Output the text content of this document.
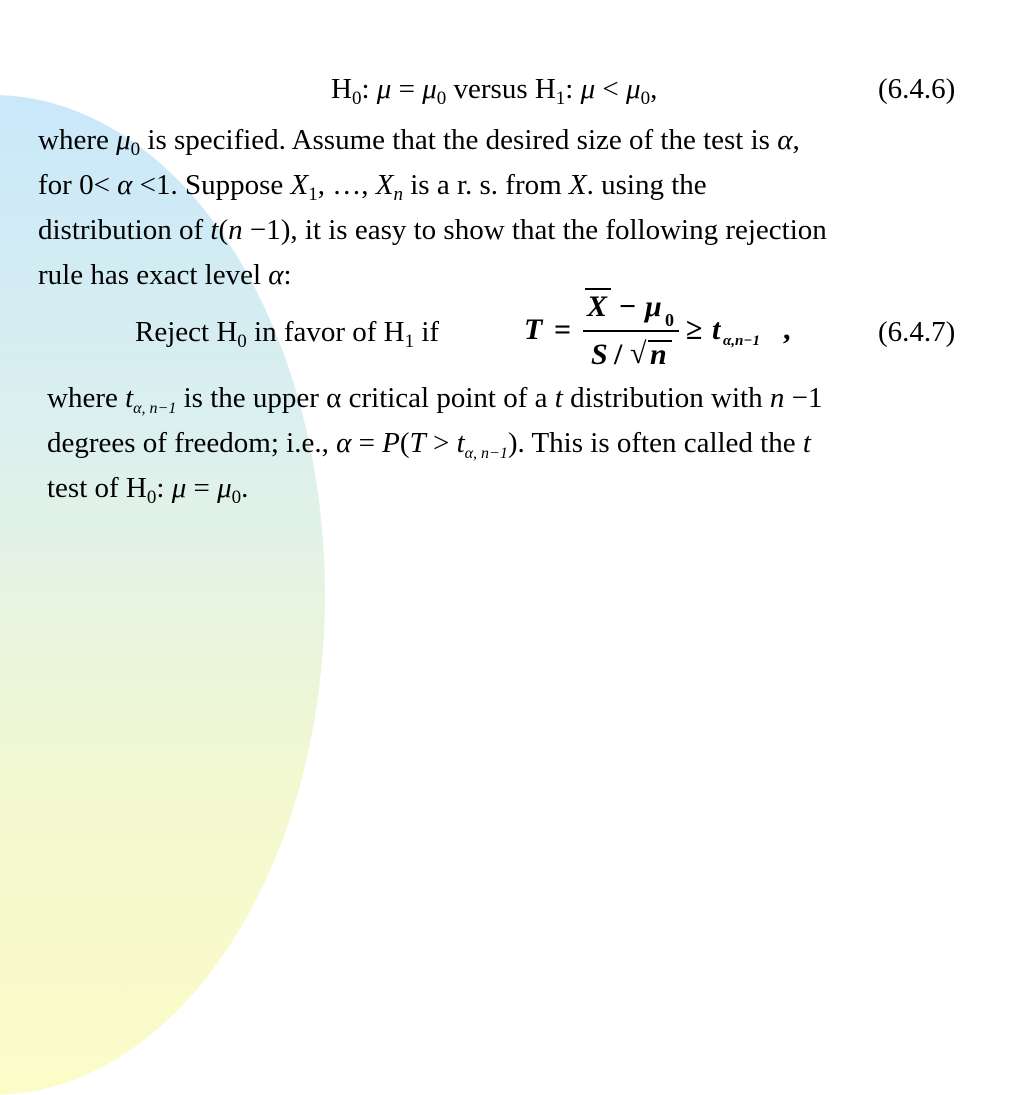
$H_0$: $\mu = \mu_0$ versus $H_1$: $\mu < \mu_0$,	(6.4.6)
where $\mu_0$ is specified. Assume that the desired size of the test is α,
for 0< α <1. Suppose $X_1$, …, $X_n$ is a r. s. from X. using the
distribution of t(n −1), it is easy to show that the following rejection
rule has exact level α:
Reject $H_0$ in favor of $H_1$ if	T =
X − μ 0
S / √ n
≥ t α,n−1 ,	(6.4.7)
where $t_{\alpha, n-1}$ is the upper α critical point of a t distribution with n −1
degrees of freedom; i.e., $\alpha = P(T > t_{\alpha, n-1})$. This is often called the t
test of $H_0$: $\mu = \mu_0$.
